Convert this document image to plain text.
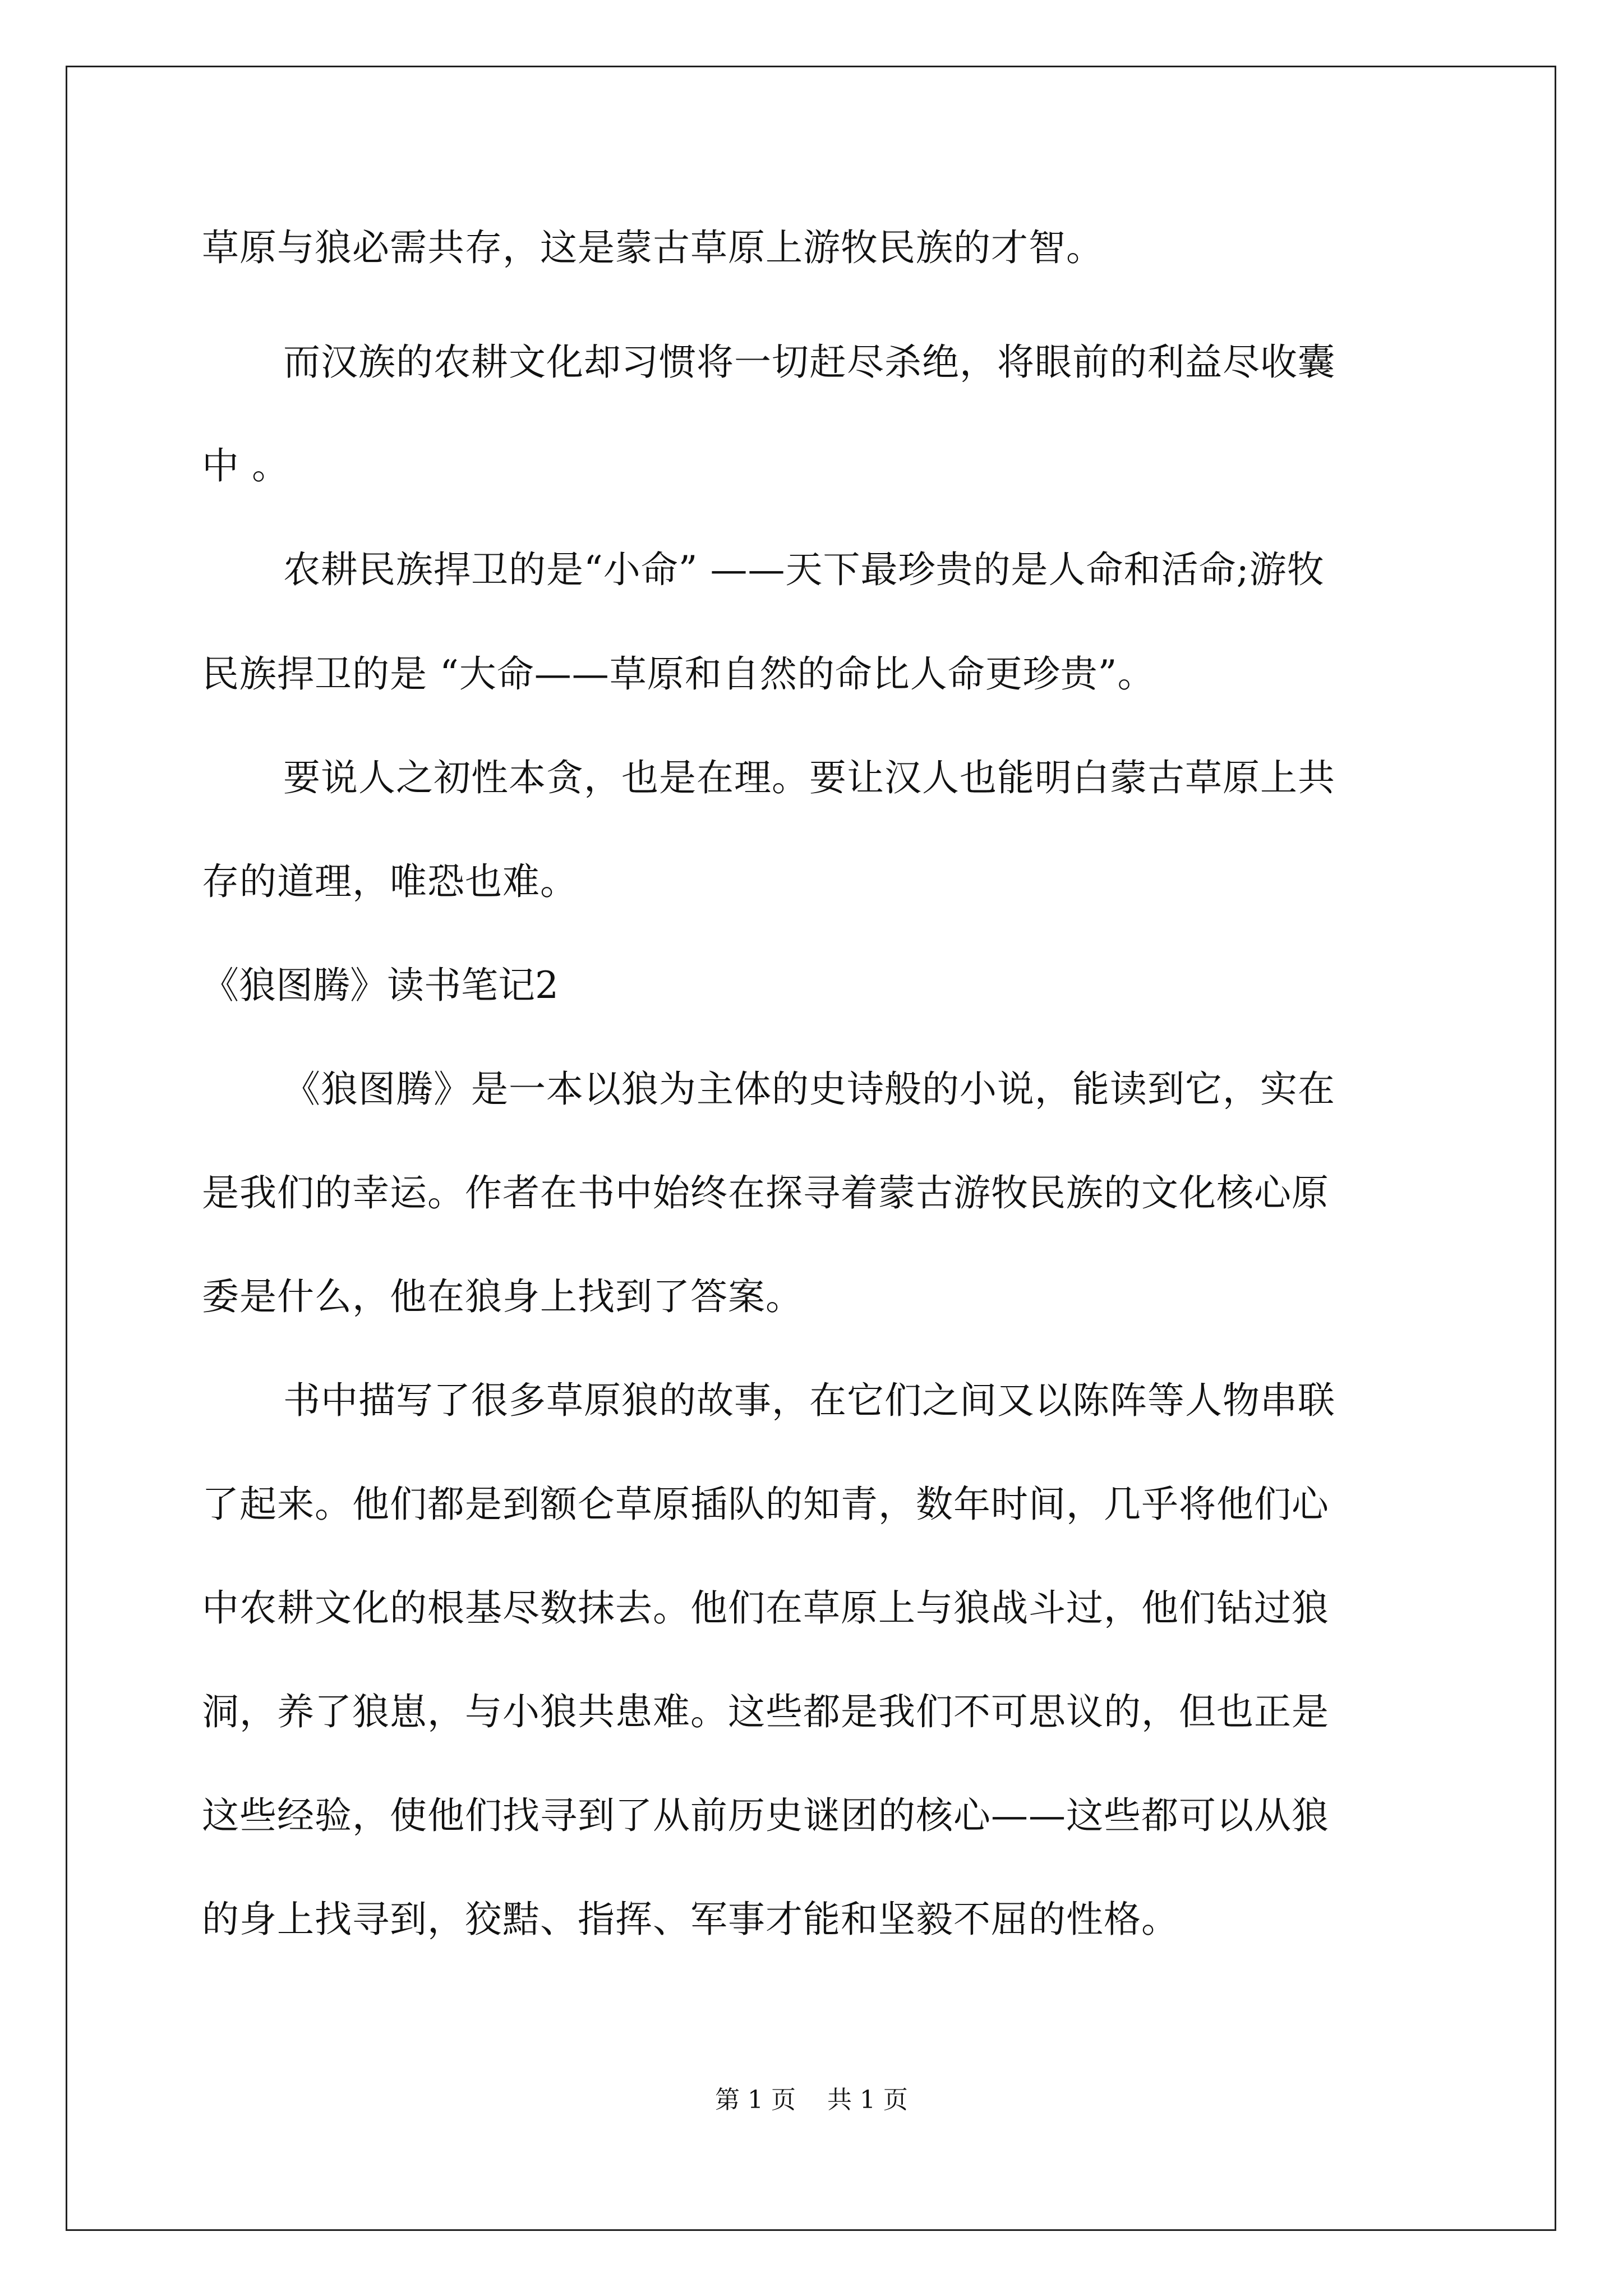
草原与狼必需共存，这是蒙古草原上游牧民族的才智。

而汉族的农耕文化却习惯将一切赶尽杀绝，将眼前的利益尽收囊

中 。

农耕民族捍卫的是“小命” ——天下最珍贵的是人命和活命;游牧

民族捍卫的是 “大命——草原和自然的命比人命更珍贵”。

要说人之初性本贪，也是在理。要让汉人也能明白蒙古草原上共

存的道理，唯恐也难。

《狼图腾》读书笔记2

《狼图腾》是一本以狼为主体的史诗般的小说，能读到它，实在

是我们的幸运。作者在书中始终在探寻着蒙古游牧民族的文化核心原

委是什么，他在狼身上找到了答案。

书中描写了很多草原狼的故事，在它们之间又以陈阵等人物串联

了起来。他们都是到额仑草原插队的知青，数年时间，几乎将他们心

中农耕文化的根基尽数抹去。他们在草原上与狼战斗过，他们钻过狼

洞，养了狼崽，与小狼共患难。这些都是我们不可思议的，但也正是

这些经验，使他们找寻到了从前历史谜团的核心——这些都可以从狼

的身上找寻到，狡黠、指挥、军事才能和坚毅不屈的性格。

第 1 页    共 1 页
